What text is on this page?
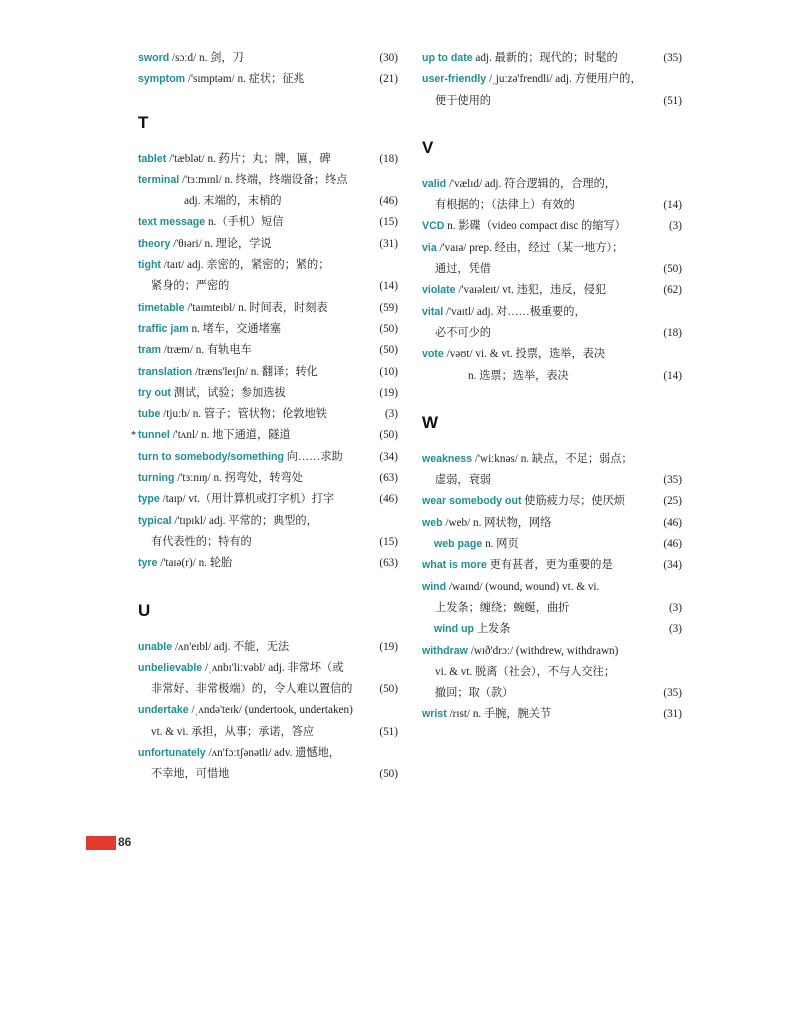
sword /sɔːd/ n. 剑，刀	(30)
symptom /'sɪmptəm/ n. 症状；征兆	(21)
T
tablet /'tæblət/ n. 药片；丸；牌，匾，碑	(18)
terminal /'tɜːmɪnl/ n. 终端，终端设备；终点
adj. 末端的，末梢的	(46)
text message n.（手机）短信	(15)
theory /'θɪəri/ n. 理论，学说	(31)
tight /taɪt/ adj. 亲密的，紧密的；紧的；
紧身的；严密的	(14)
timetable /'taɪmteɪbl/ n. 时间表，时刻表	(59)
traffic jam n. 堵车，交通堵塞	(50)
tram /træm/ n. 有轨电车	(50)
translation /træns'leɪʃn/ n. 翻译；转化	(10)
try out 测试，试验；参加选拔	(19)
tube /tjuːb/ n. 管子；管状物；伦敦地铁	(3)
* tunnel /'tʌnl/ n. 地下通道，隧道	(50)
turn to somebody/something 向……求助	(34)
turning /'tɜːnɪŋ/ n. 拐弯处，转弯处	(63)
type /taɪp/ vt.（用计算机或打字机）打字	(46)
typical /'tɪpɪkl/ adj. 平常的；典型的，
有代表性的；特有的	(15)
tyre /'taɪə(r)/ n. 轮胎	(63)
U
unable /ʌn'eɪbl/ adj. 不能，无法	(19)
unbelievable /ˌʌnbɪ'liːvəbl/ adj. 非常坏（或
非常好、非常极端）的，令人难以置信的 (50)
undertake /ˌʌndə'teɪk/ (undertook, undertaken)
vt. & vi. 承担，从事；承诺，答应	(51)
unfortunately /ʌn'fɔːtʃənətli/ adv. 遗憾地，
不幸地，可惜地	(50)
up to date adj. 最新的；现代的；时髦的	(35)
user-friendly /ˌjuːzə'frendli/ adj. 方便用户的，
便于使用的	(51)
V
valid /'vælɪd/ adj. 符合逻辑的，合理的，
有根据的；（法律上）有效的	(14)
VCD n. 影碟（video compact disc 的缩写）	(3)
via /'vaɪə/ prep. 经由，经过（某一地方）；
通过，凭借	(50)
violate /'vaɪəleɪt/ vt. 违犯，违反，侵犯	(62)
vital /'vaɪtl/ adj. 对……极重要的，
必不可少的	(18)
vote /vəʊt/ vi. & vt. 投票，选举，表决
n. 选票；选举，表决	(14)
W
weakness /'wiːknəs/ n. 缺点，不足；弱点；
虚弱，衰弱	(35)
wear somebody out 使筋疲力尽；使厌烦	(25)
web /web/ n. 网状物，网络	(46)
web page n. 网页	(46)
what is more 更有甚者，更为重要的是	(34)
wind /waɪnd/ (wound, wound) vt. & vi.
上发条；缠绕；蜿蜒，曲折	(3)
wind up 上发条	(3)
withdraw /wɪð'drɔː/ (withdrew, withdrawn)
vi. & vt. 脱离（社会），不与人交往；
撤回；取（款）	(35)
wrist /rɪst/ n. 手腕，腕关节	(31)
86
